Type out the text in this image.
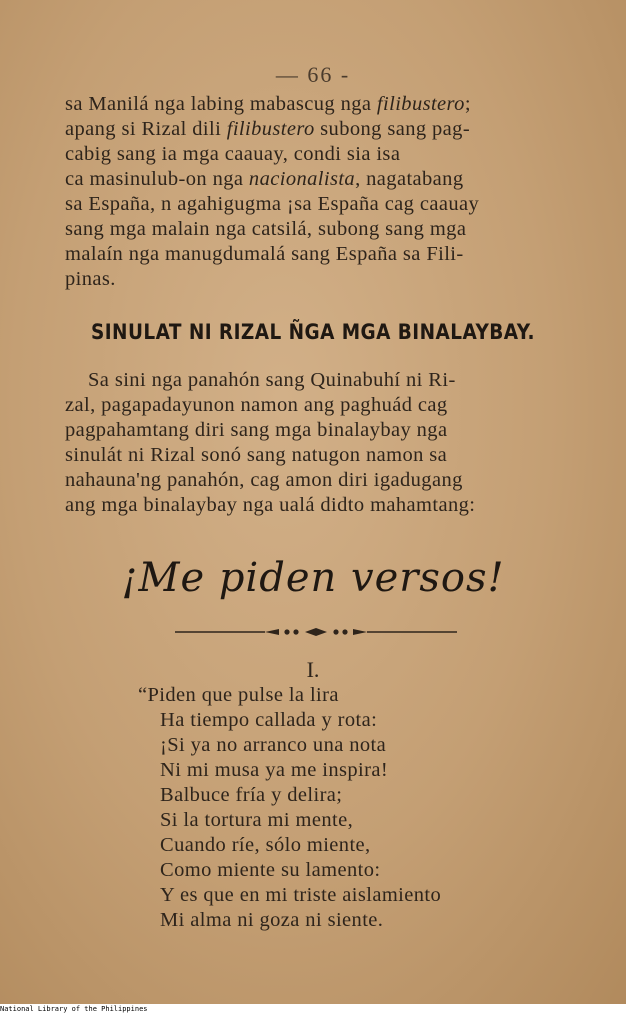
— 66 -
sa Manilá nga labing mabascug nga filibustero;
apang si Rizal dili filibustero subong sang pag-
cabig sang ia mga caauay, condi sia isa
ca masinulub-on nga nacionalista, nagatabang
sa España, n agahigugma ¡sa España cag caauay
sang mga malain nga catsilá, subong sang mga
malaín nga manugdumalá sang España sa Fili-
pinas.
SINULAT NI RIZAL ÑGA MGA BINALAYBAY.
Sa sini nga panahón sang Quinabuhí ni Ri-
zal, pagapadayunon namon ang paghuád cag
pagpahamtang diri sang mga binalaybay nga
sinulát ni Rizal sonó sang natugon namon sa
nahauna'ng panahón, cag amon diri igadugang
ang mga binalaybay nga ualá didto mahamtang:
¡Me piden versos!
I.
“Piden que pulse la lira
Ha tiempo callada y rota:
¡Si ya no arranco una nota
Ni mi musa ya me inspira!
Balbuce fría y delira;
Si la tortura mi mente,
Cuando ríe, sólo miente,
Como miente su lamento:
Y es que en mi triste aislamiento
Mi alma ni goza ni siente.
National Library of the Philippines
